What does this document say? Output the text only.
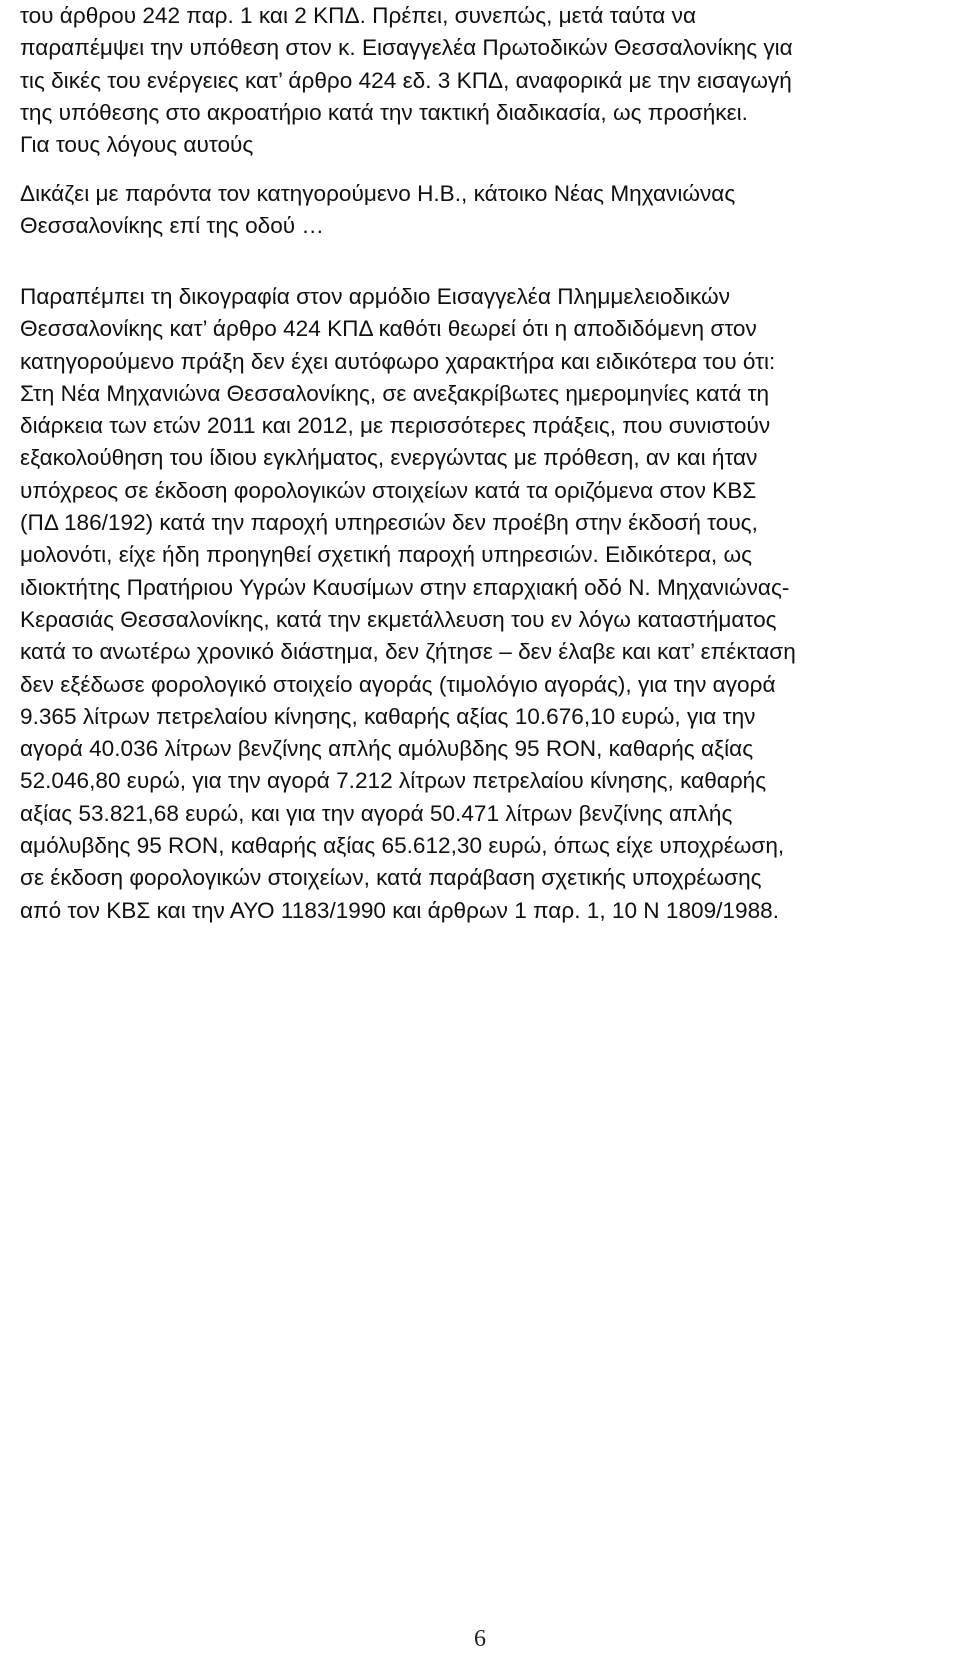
του άρθρου 242 παρ. 1 και 2 ΚΠΔ. Πρέπει, συνεπώς, μετά ταύτα να
παραπέμψει την υπόθεση στον κ. Εισαγγελέα Πρωτοδικών Θεσσαλονίκης για
τις δικές του ενέργειες κατ’ άρθρο 424 εδ. 3 ΚΠΔ, αναφορικά με την εισαγωγή
της υπόθεσης στο ακροατήριο κατά την τακτική διαδικασία, ως προσήκει.
Για τους λόγους αυτούς

Δικάζει με παρόντα τον κατηγορούμενο Η.Β., κάτοικο Νέας Μηχανιώνας
Θεσσαλονίκης επί της οδού …

Παραπέμπει τη δικογραφία στον αρμόδιο Εισαγγελέα Πλημμελειοδικών
Θεσσαλονίκης κατ’ άρθρο 424 ΚΠΔ καθότι θεωρεί ότι η αποδιδόμενη στον
κατηγορούμενο πράξη δεν έχει αυτόφωρο χαρακτήρα και ειδικότερα του ότι:
Στη Νέα Μηχανιώνα Θεσσαλονίκης, σε ανεξακρίβωτες ημερομηνίες κατά τη
διάρκεια των ετών 2011 και 2012, με περισσότερες πράξεις, που συνιστούν
εξακολούθηση του ίδιου εγκλήματος, ενεργώντας με πρόθεση, αν και ήταν
υπόχρεος σε έκδοση φορολογικών στοιχείων κατά τα οριζόμενα στον ΚΒΣ
(ΠΔ 186/192) κατά την παροχή υπηρεσιών δεν προέβη στην έκδοσή τους,
μολονότι, είχε ήδη προηγηθεί σχετική παροχή υπηρεσιών. Ειδικότερα, ως
ιδιοκτήτης Πρατήριου Υγρών Καυσίμων στην επαρχιακή οδό Ν. Μηχανιώνας-
Κερασιάς Θεσσαλονίκης, κατά την εκμετάλλευση του εν λόγω καταστήματος
κατά το ανωτέρω χρονικό διάστημα, δεν ζήτησε – δεν έλαβε και κατ’ επέκταση
δεν εξέδωσε φορολογικό στοιχείο αγοράς (τιμολόγιο αγοράς), για την αγορά
9.365 λίτρων πετρελαίου κίνησης, καθαρής αξίας 10.676,10 ευρώ, για την
αγορά 40.036 λίτρων βενζίνης απλής αμόλυβδης 95 RON, καθαρής αξίας
52.046,80 ευρώ, για την αγορά 7.212 λίτρων πετρελαίου κίνησης, καθαρής
αξίας 53.821,68 ευρώ, και για την αγορά 50.471 λίτρων βενζίνης απλής
αμόλυβδης 95 RON, καθαρής αξίας 65.612,30 ευρώ, όπως είχε υποχρέωση,
σε έκδοση φορολογικών στοιχείων, κατά παράβαση σχετικής υποχρέωσης
από τον ΚΒΣ και την ΑΥΟ 1183/1990 και άρθρων 1 παρ. 1, 10 Ν 1809/1988.

6
